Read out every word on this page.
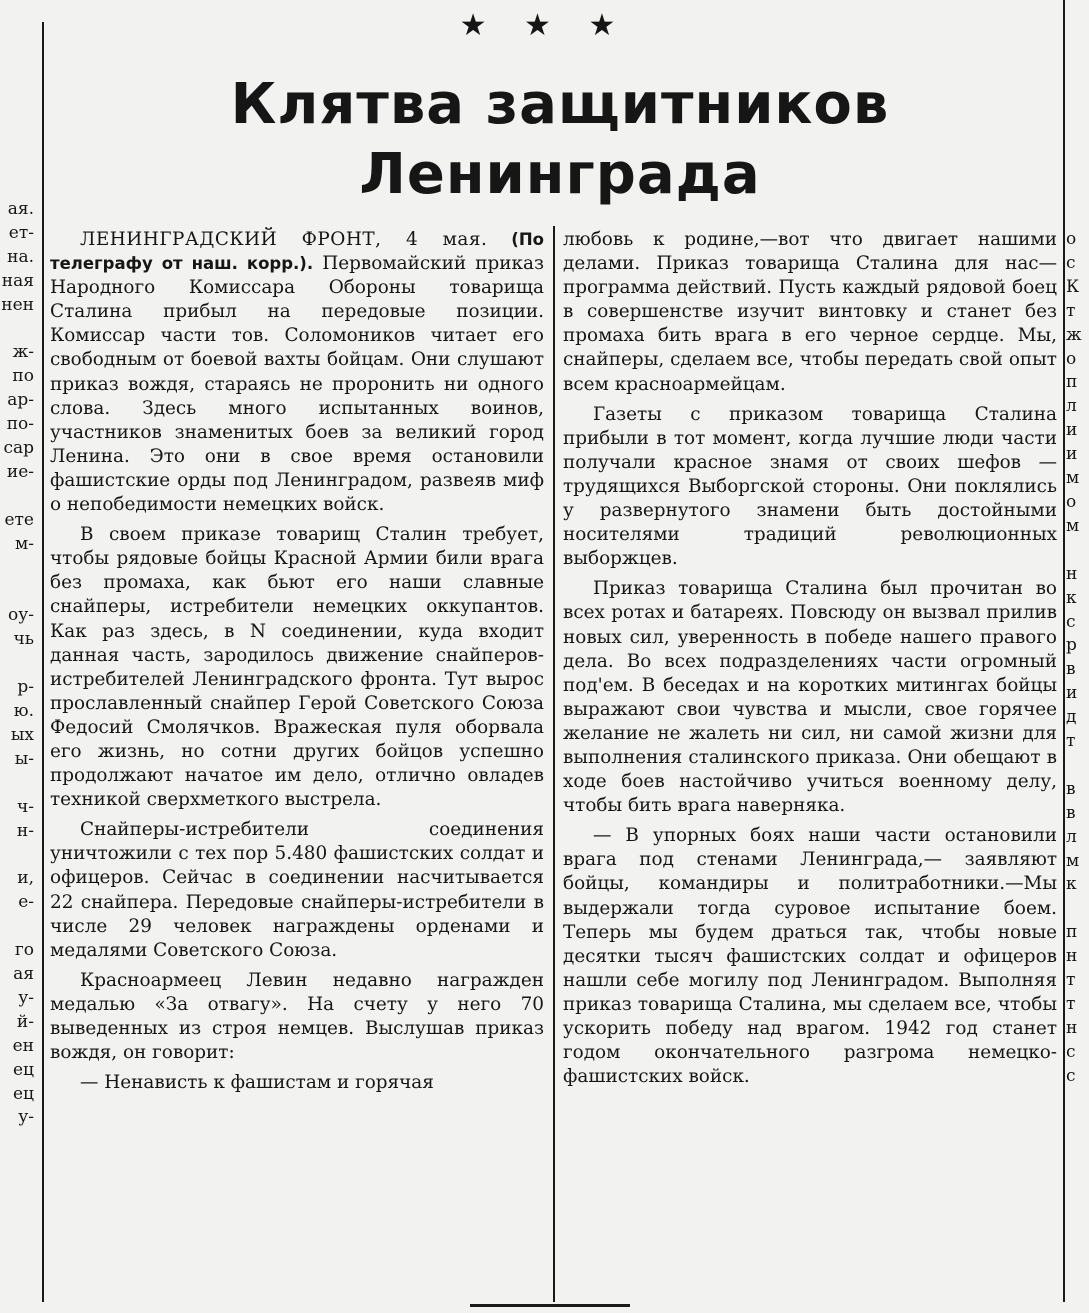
ая.
ет-
на.
ная
нен

ж-
по
ар-
по-
сар
ие-

ете
м-

оу-
чь

р-
ю.
ых
ы-

ч-
н-

и,
е-

го
ая
у-
й-
ен
ец
ец
у-
о
с
К
т
ж
о
п
л
и
и
м
о
м

н
к
с
р
в
и
д
т

в
в
л
м
к

п
н
т
т
н
с
с
★ ★ ★
Клятва защитников
Ленинграда

ЛЕНИНГРАДСКИЙ ФРОНТ, 4 мая. (По телеграфу от наш. корр.). Первомайский приказ Народного Комиссара Обороны товарища Сталина прибыл на передовые позиции. Комиссар части тов. Соломоников читает его свободным от боевой вахты бойцам. Они слушают приказ вождя, стараясь не проронить ни одного слова. Здесь много испытанных воинов, участников знаменитых боев за великий город Ленина. Это они в свое время остановили фашистские орды под Ленинградом, развеяв миф о непобедимости немецких войск.

В своем приказе товарищ Сталин требует, чтобы рядовые бойцы Красной Армии били врага без промаха, как бьют его наши славные снайперы, истребители немецких оккупантов. Как раз здесь, в N соединении, куда входит данная часть, зародилось движение снайперов-истребителей Ленинградского фронта. Тут вырос прославленный снайпер Герой Советского Союза Федосий Смолячков. Вражеская пуля оборвала его жизнь, но сотни других бойцов успешно продолжают начатое им дело, отлично овладев техникой сверхметкого выстрела.

Снайперы-истребители соединения уничтожили с тех пор 5.480 фашистских солдат и офицеров. Сейчас в соединении насчитывается 22 снайпера. Передовые снайперы-истребители в числе 29 человек награждены орденами и медалями Советского Союза.

Красноармеец Левин недавно награжден медалью «За отвагу». На счету у него 70 выведенных из строя немцев. Выслушав приказ вождя, он говорит:

— Ненависть к фашистам и горячая

любовь к родине,—вот что двигает нашими делами. Приказ товарища Сталина для нас—программа действий. Пусть каждый рядовой боец в совершенстве изучит винтовку и станет без промаха бить врага в его черное сердце. Мы, снайперы, сделаем все, чтобы передать свой опыт всем красноармейцам.

Газеты с приказом товарища Сталина прибыли в тот момент, когда лучшие люди части получали красное знамя от своих шефов — трудящихся Выборгской стороны. Они поклялись у развернутого знамени быть достойными носителями традиций революционных выборжцев.

Приказ товарища Сталина был прочитан во всех ротах и батареях. Повсюду он вызвал прилив новых сил, уверенность в победе нашего правого дела. Во всех подразделениях части огромный под'ем. В беседах и на коротких митингах бойцы выражают свои чувства и мысли, свое горячее желание не жалеть ни сил, ни самой жизни для выполнения сталинского приказа. Они обещают в ходе боев настойчиво учиться военному делу, чтобы бить врага наверняка.

— В упорных боях наши части остановили врага под стенами Ленинграда,— заявляют бойцы, командиры и политработники.—Мы выдержали тогда суровое испытание боем. Теперь мы будем драться так, чтобы новые десятки тысяч фашистских солдат и офицеров нашли себе могилу под Ленинградом. Выполняя приказ товарища Сталина, мы сделаем все, чтобы ускорить победу над врагом. 1942 год станет годом окончательного разгрома немецко-фашистских войск.
